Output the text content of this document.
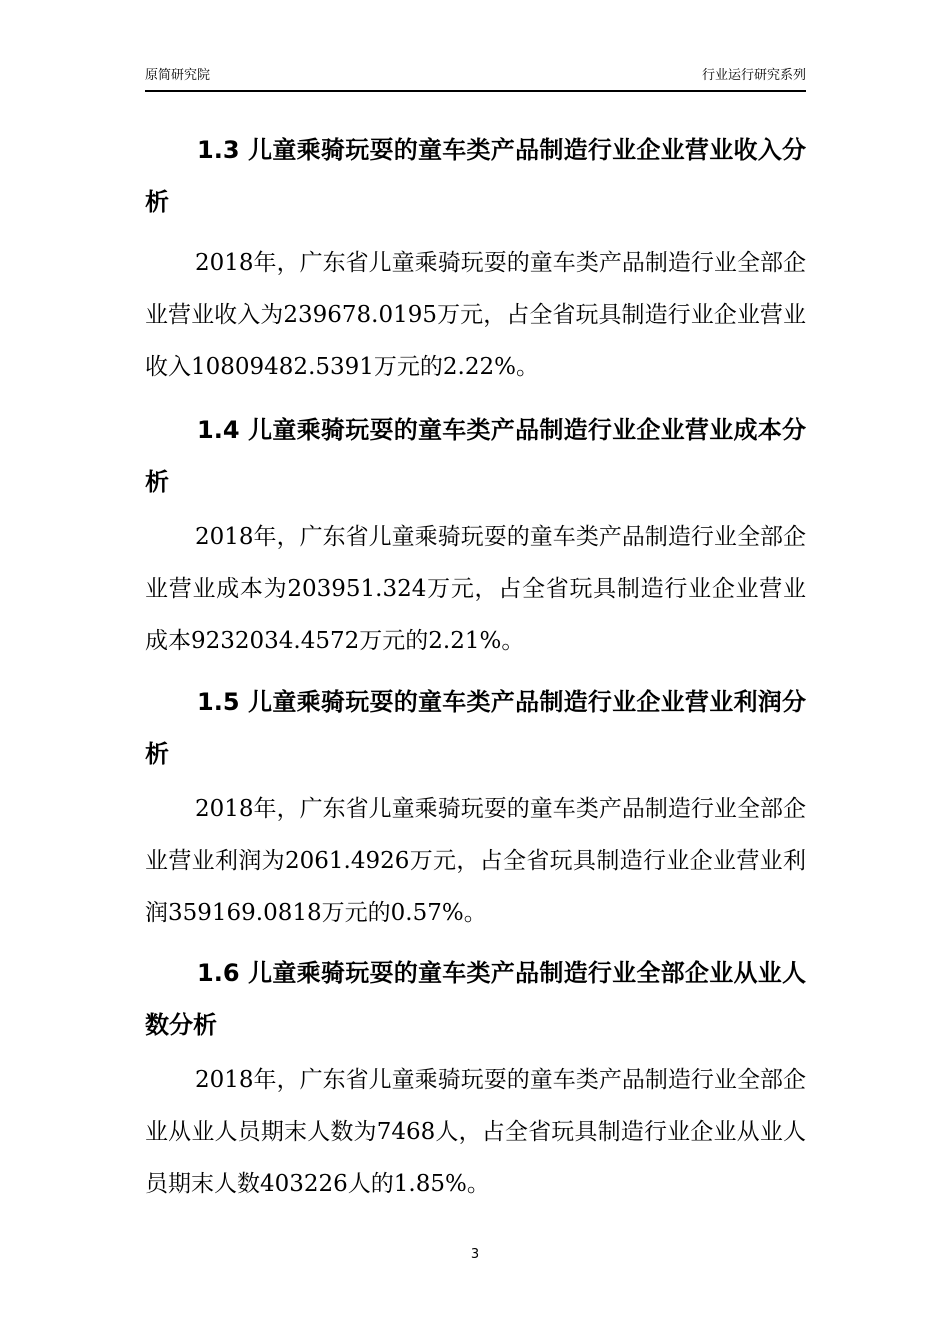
原简研究院	行业运行研究系列
1.3 儿童乘骑玩耍的童车类产品制造行业企业营业收入分析

2018年，广东省儿童乘骑玩耍的童车类产品制造行业全部企业营业收入为239678.0195万元，占全省玩具制造行业企业营业收入10809482.5391万元的2.22%。

1.4 儿童乘骑玩耍的童车类产品制造行业企业营业成本分析

2018年，广东省儿童乘骑玩耍的童车类产品制造行业全部企业营业成本为203951.324万元，占全省玩具制造行业企业营业成本9232034.4572万元的2.21%。

1.5 儿童乘骑玩耍的童车类产品制造行业企业营业利润分析

2018年，广东省儿童乘骑玩耍的童车类产品制造行业全部企业营业利润为2061.4926万元，占全省玩具制造行业企业营业利润359169.0818万元的0.57%。

1.6 儿童乘骑玩耍的童车类产品制造行业全部企业从业人数分析

2018年，广东省儿童乘骑玩耍的童车类产品制造行业全部企业从业人员期末人数为7468人，占全省玩具制造行业企业从业人员期末人数403226人的1.85%。

3
